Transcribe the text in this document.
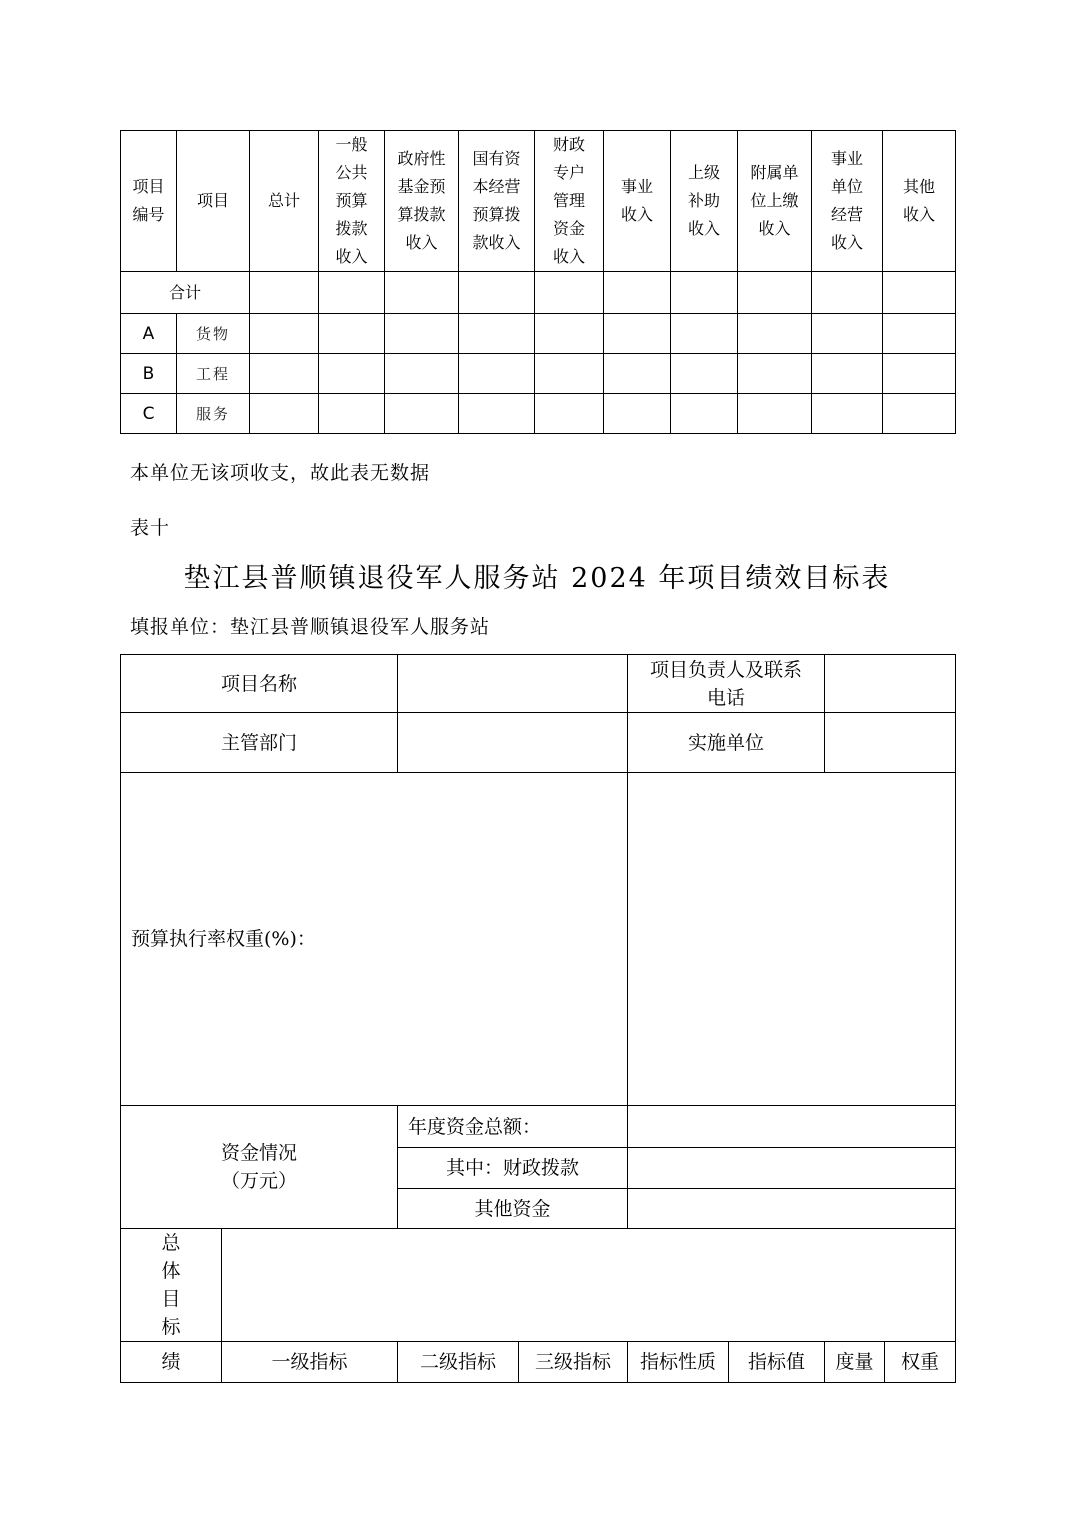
项目
编号	项目	总计	一般
公共
预算
拨款
收入	政府性
基金预
算拨款
收入	国有资
本经营
预算拨
款收入	财政
专户
管理
资金
收入	事业
收入	上级
补助
收入	附属单
位上缴
收入	事业
单位
经营
收入	其他
收入
合计											
A	货物										
B	工程										
C	服务										
本单位无该项收支，故此表无数据
表十
垫江县普顺镇退役军人服务站 2024 年项目绩效目标表
填报单位：垫江县普顺镇退役军人服务站
项目名称				项目负责人及联系
电话			
主管部门				实施单位			
预算执行率权重(%)：							
资金情况
（万元）		年度资金总额：					
		其中：财政拨款					
		其他资金					
总
体
目
标							
绩	一级指标	二级指标	三级指标	指标性质	指标值	度量	权重
